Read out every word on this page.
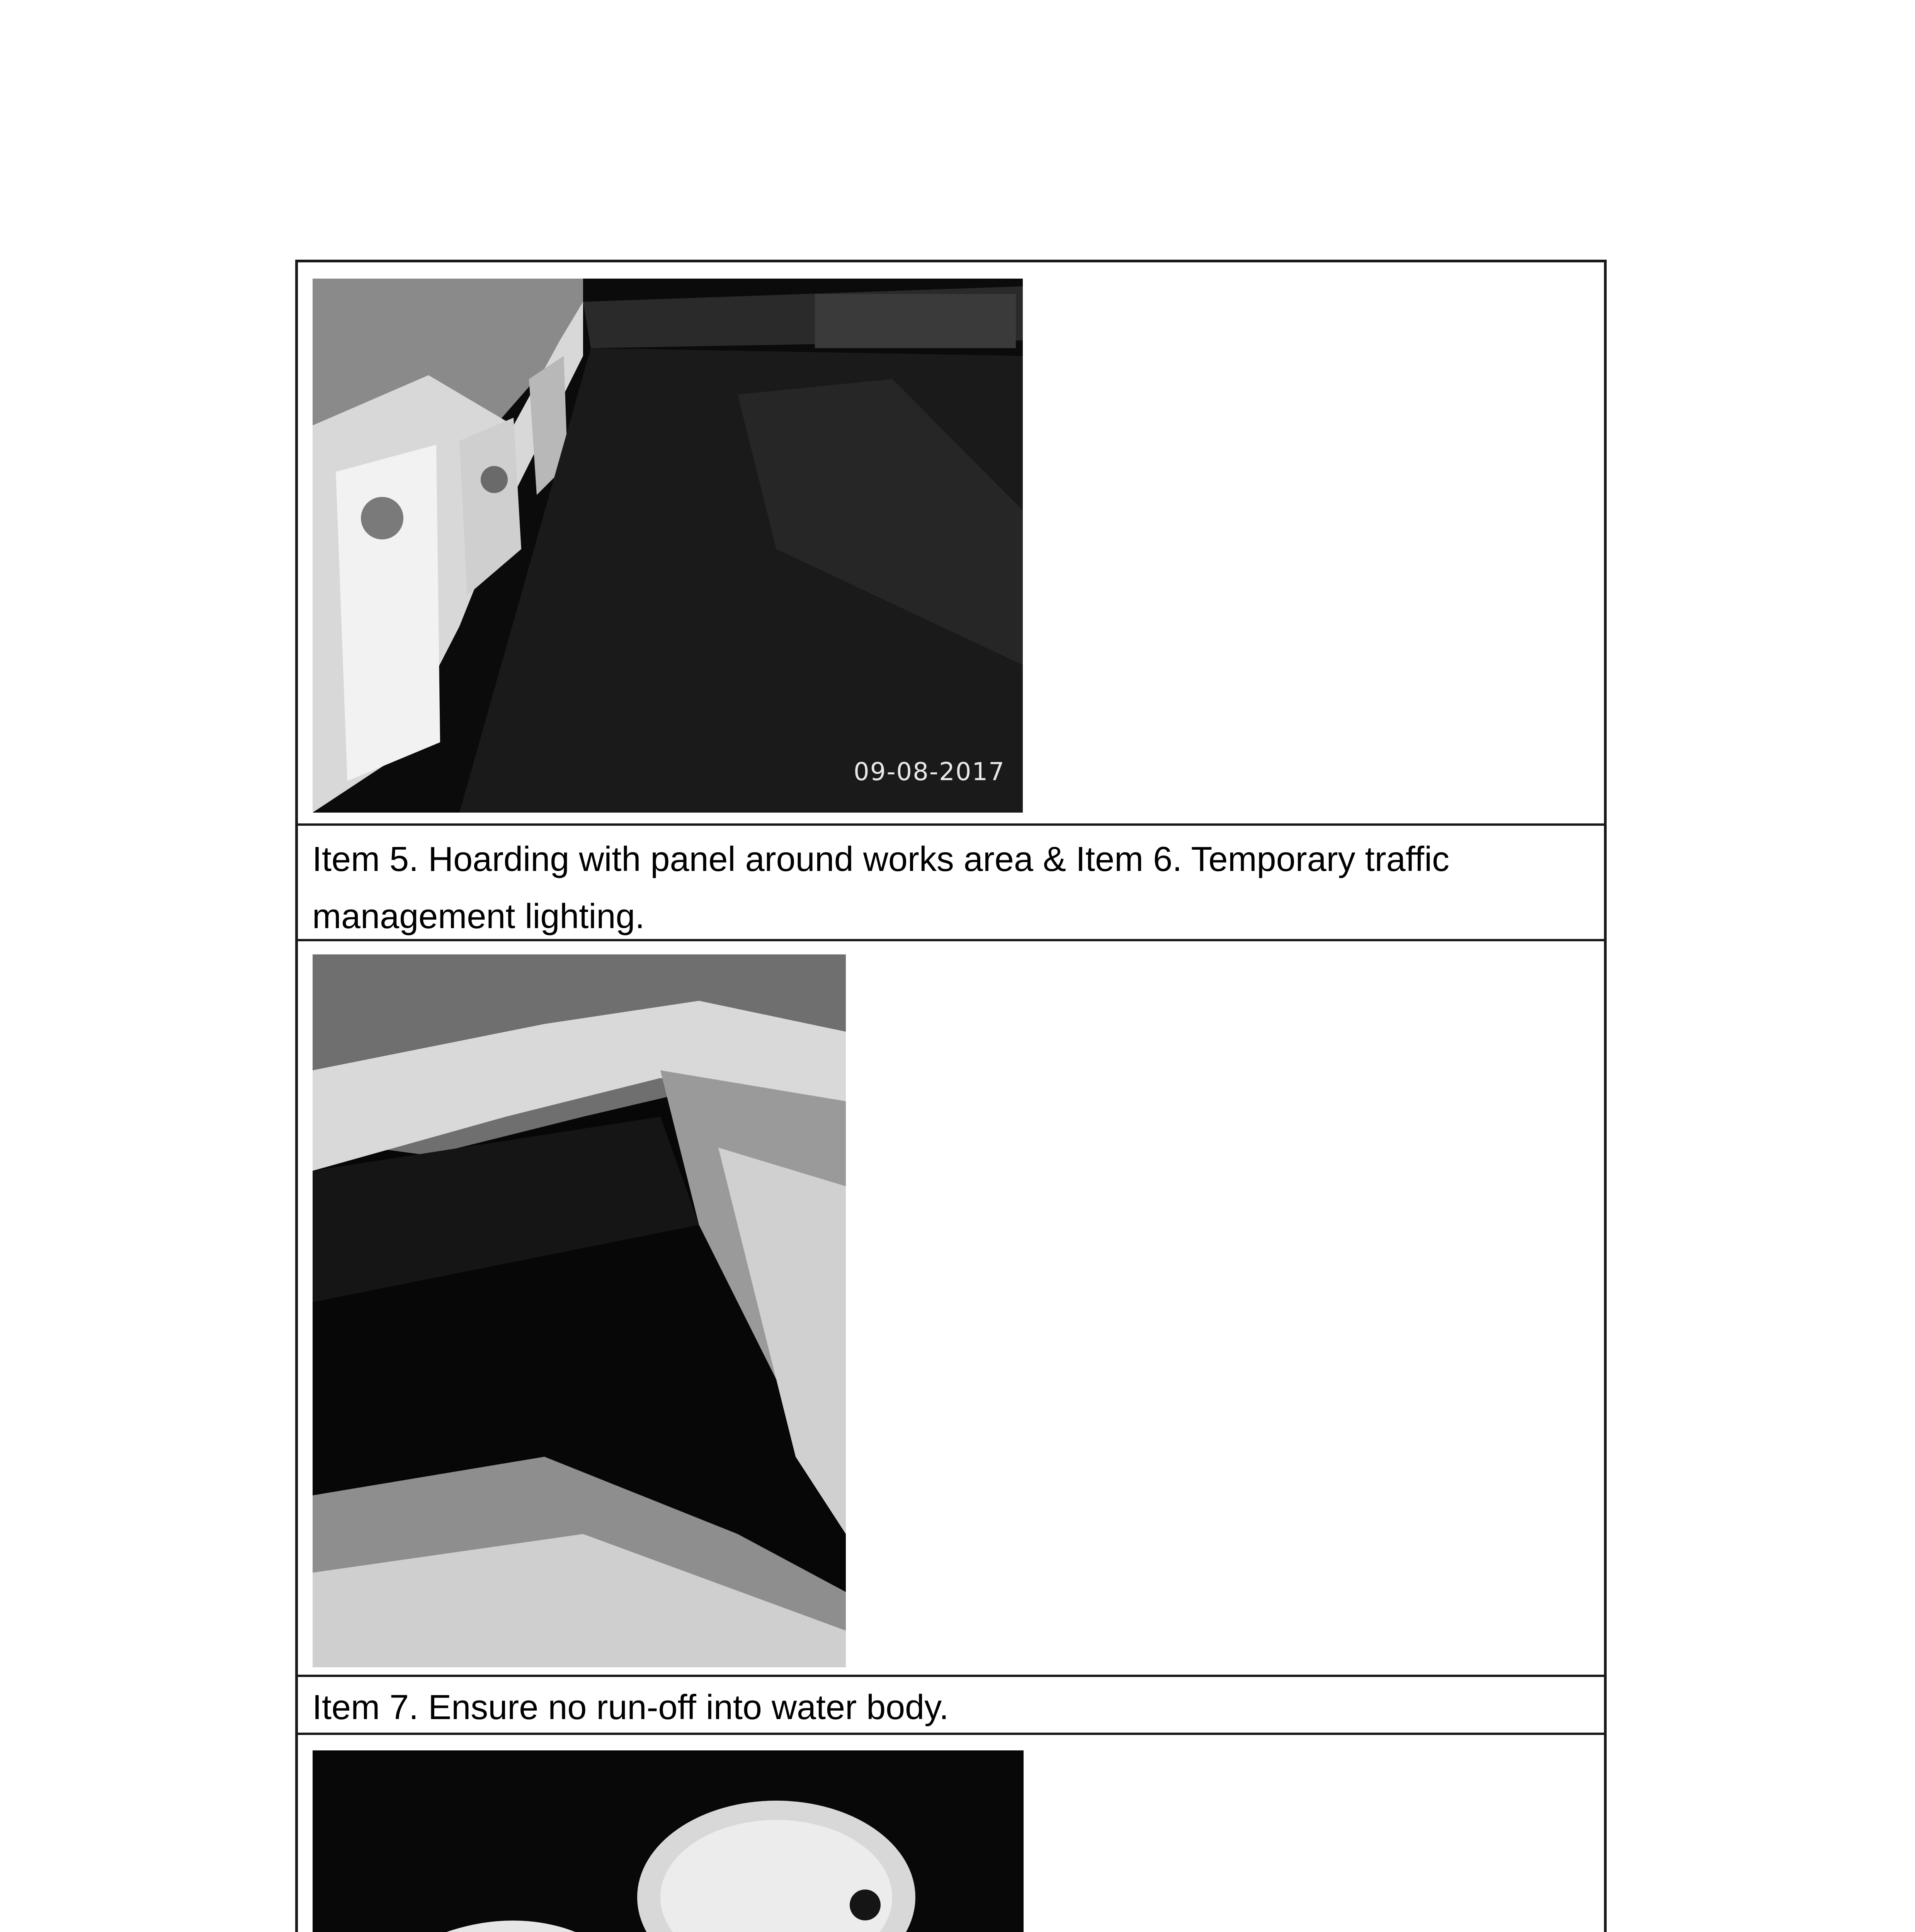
09-08-2017
Item 5. Hoarding with panel around works area & Item 6. Temporary traffic management lighting.
Item 7. Ensure no run-off into water body.
